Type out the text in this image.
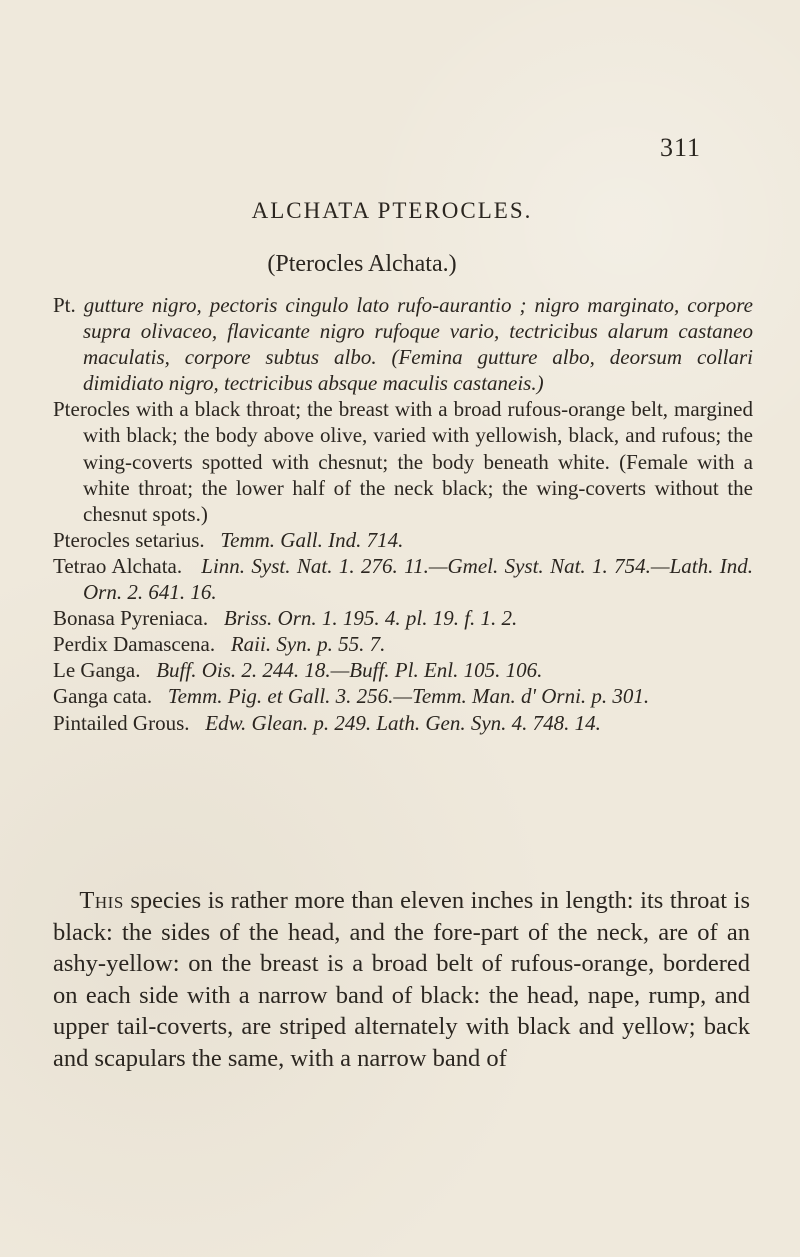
311
ALCHATA PTEROCLES.
(Pterocles Alchata.)
Pt. gutture nigro, pectoris cingulo lato rufo-aurantio ; nigro marginato, corpore supra olivaceo, flavicante nigro rufoque vario, tectricibus alarum castaneo maculatis, corpore subtus albo. (Femina gutture albo, deorsum collari dimidiato nigro, tectricibus absque maculis castaneis.)
Pterocles with a black throat; the breast with a broad rufous-orange belt, margined with black; the body above olive, varied with yellowish, black, and rufous; the wing-coverts spotted with chesnut; the body beneath white. (Female with a white throat; the lower half of the neck black; the wing-coverts without the chesnut spots.)
Pterocles setarius. Temm. Gall. Ind. 714.
Tetrao Alchata. Linn. Syst. Nat. 1. 276. 11.—Gmel. Syst. Nat. 1. 754.—Lath. Ind. Orn. 2. 641. 16.
Bonasa Pyreniaca. Briss. Orn. 1. 195. 4. pl. 19. f. 1. 2.
Perdix Damascena. Raii. Syn. p. 55. 7.
Le Ganga. Buff. Ois. 2. 244. 18.—Buff. Pl. Enl. 105. 106.
Ganga cata. Temm. Pig. et Gall. 3. 256.—Temm. Man. d' Orni. p. 301.
Pintailed Grous. Edw. Glean. p. 249. Lath. Gen. Syn. 4. 748. 14.
This species is rather more than eleven inches in length: its throat is black: the sides of the head, and the fore-part of the neck, are of an ashy-yellow: on the breast is a broad belt of rufous-orange, bordered on each side with a narrow band of black: the head, nape, rump, and upper tail-coverts, are striped alternately with black and yellow; back and scapulars the same, with a narrow band of
